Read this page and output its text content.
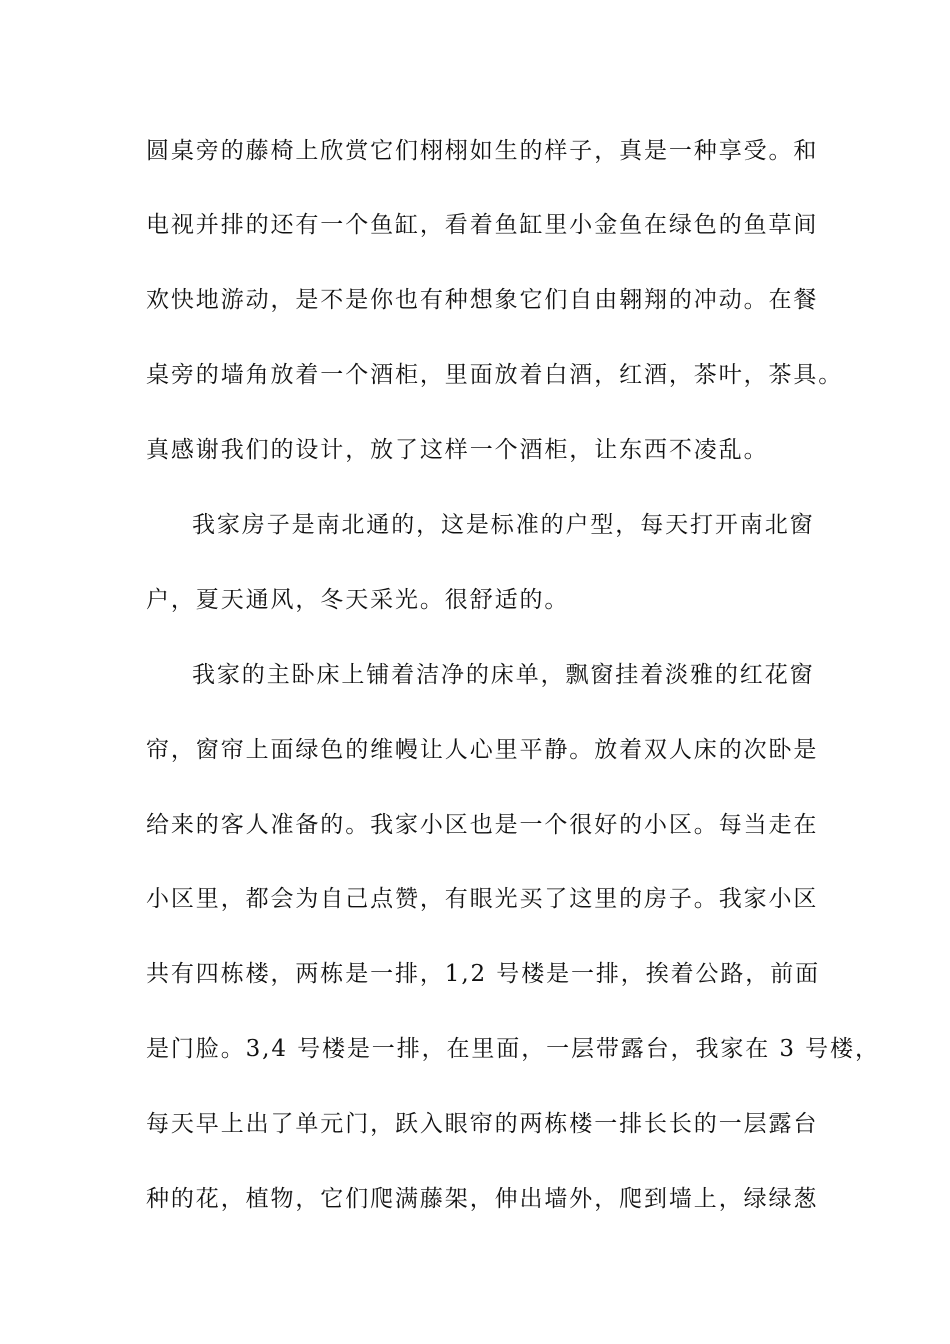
圆桌旁的藤椅上欣赏它们栩栩如生的样子，真是一种享受。和
电视并排的还有一个鱼缸，看着鱼缸里小金鱼在绿色的鱼草间
欢快地游动，是不是你也有种想象它们自由翱翔的冲动。在餐
桌旁的墙角放着一个酒柜，里面放着白酒，红酒，茶叶，茶具。
真感谢我们的设计，放了这样一个酒柜，让东西不凌乱。
我家房子是南北通的，这是标准的户型，每天打开南北窗
户，夏天通风，冬天采光。很舒适的。
我家的主卧床上铺着洁净的床单，飘窗挂着淡雅的红花窗
帘，窗帘上面绿色的维幔让人心里平静。放着双人床的次卧是
给来的客人准备的。我家小区也是一个很好的小区。每当走在
小区里，都会为自己点赞，有眼光买了这里的房子。我家小区
共有四栋楼，两栋是一排，1,2 号楼是一排，挨着公路，前面
是门脸。3,4 号楼是一排，在里面，一层带露台，我家在 3 号楼，
每天早上出了单元门，跃入眼帘的两栋楼一排长长的一层露台
种的花，植物，它们爬满藤架，伸出墙外，爬到墙上，绿绿葱
